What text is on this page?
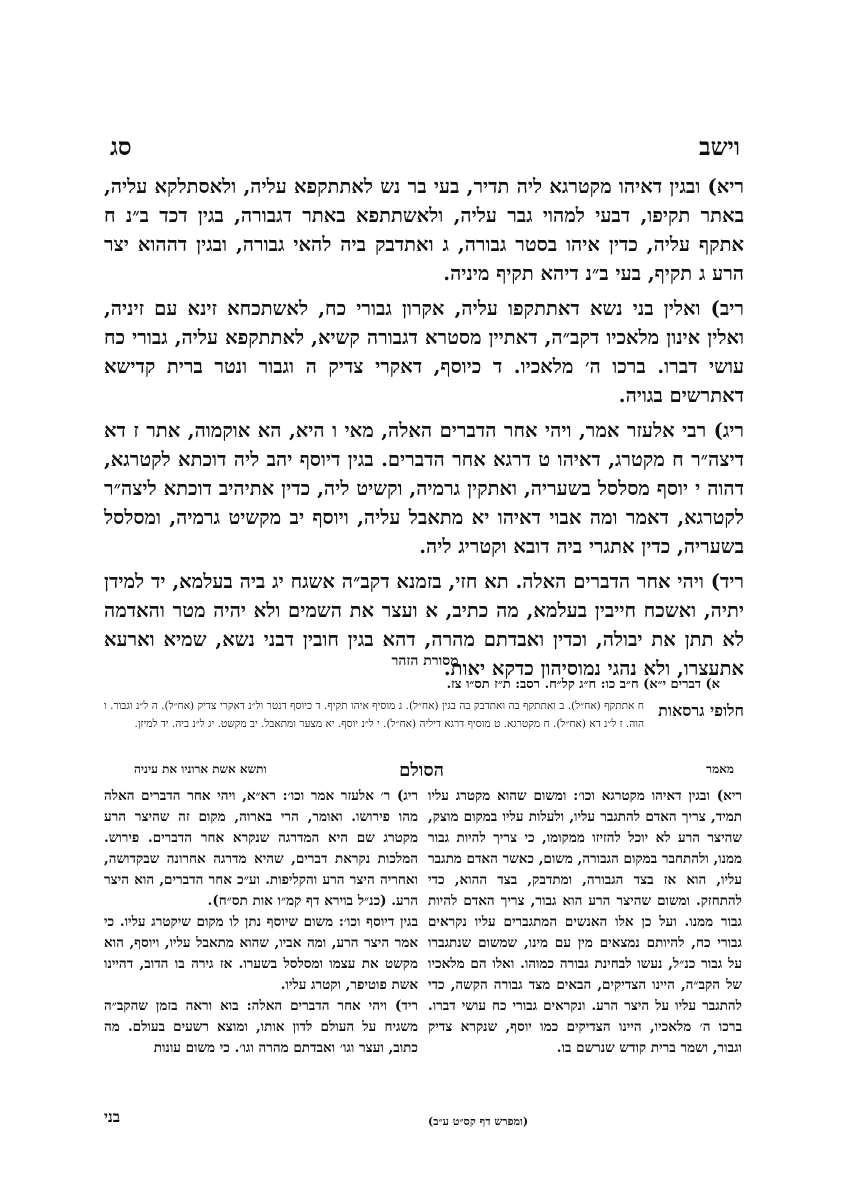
וישב
סג

ריא) ובגין דאיהו מקטרגא ליה תדיר, בעי בר נש לאתתקפא עליה, ולאסתלקא עליה, באתר תקיפו, דבעי למהוי גבר עליה, ולאשתתפא באתר דגבורה, בגין דכד ב״נ ח אתקף עליה, כדין איהו בסטר גבורה, ג ואתדבק ביה להאי גבורה, ובגין דההוא יצר הרע ג תקיף, בעי ב״נ דיהא תקיף מיניה.

ריב) ואלין בני נשא דאתתקפו עליה, אקרון גבורי כח, לאשתכחא זינא עם זיניה, ואלין אינון מלאכיו דקב״ה, דאתיין מסטרא דגבורה קשיא, לאתתקפא עליה, גבורי כח עושי דברו. ברכו ה׳ מלאכיו. ד כיוסף, דאקרי צדיק ה וגבור ונטר ברית קדישא דאתרשים בגויה.

ריג) רבי אלעזר אמר, ויהי אחר הדברים האלה, מאי ו היא, הא אוקמוה, אתר ז דא דיצה״ר ח מקטרג, דאיהו ט דרגא אחר הדברים. בגין דיוסף יהב ליה דוכתא לקטרגא, דהוה י יוסף מסלסל בשעריה, ואתקין גרמיה, וקשיט ליה, כדין אתיהיב דוכתא ליצה״ר לקטרגא, דאמר ומה אבוי דאיהו יא מתאבל עליה, ויוסף יב מקשיט גרמיה, ומסלסל בשעריה, כדין אתגרי ביה דובא וקטריג ליה.

ריד) ויהי אחר הדברים האלה. תא חזי, בזמנא דקב״ה אשגח יג ביה בעלמא, יד למידן יתיה, ואשכח חייבין בעלמא, מה כתיב, א ועצר את השמים ולא יהיה מטר והאדמה לא תתן את יבולה, וכדין ואבדתם מהרה, דהא בגין חובין דבני נשא, שמיא וארעא אתעצרו, ולא נהגי נמוסיהון כדקא יאות.

מסורת הזהר
א) דברים י״א) ח״ב כו: ח״ג קל״ח. רסב: ת״ז תס״ו צז.
חלופי גרסאות
ח אתתקף (אח״ל). ב ואתתקף בה ואתדבק בה בגין (אח״ל). ג מוסיף איהו תקיף. ד כיוסף דנטר ול״נ דאקרי צדיק (אח״ל). ה ל״נ וגבור. ו הוה. ז ל״נ דא (אח״ל). ח מקטרגא. ט מוסיף דרגא דיליה (אח״ל). י ל״נ יוסף. יא מצער ומתאבל. יב מקשט. יג ל״נ ביה. יד למיזן.
מאמר
הסולם
ותשא אשת ארוניו את עיניה

ריא) ובגין דאיהו מקטרגא וכו׳: ומשום שהוא מקטרג עליו תמיד, צריך האדם להתגבר עליו, ולעלות עליו במקום מוצק, שהיצר הרע לא יוכל להזיזו ממקומו, כי צריך להיות גבור ממנו, ולהתחבר במקום הגבורה, משום, כאשר האדם מתגבר עליו, הוא אז בצד הגבורה, ומתדבק, בצד ההוא, כדי להתחזק. ומשום שהיצר הרע הוא גבור, צריך האדם להיות גבור ממנו. ועל כן אלו האנשים המתגברים עליו נקראים גבורי כח, להיותם נמצאים מין עם מינו, שמשום שנתגברו על גבור כנ״ל, נעשו לבחינת גבורה כמוהו. ואלו הם מלאכיו של הקב״ה, היינו הצדיקים, הבאים מצד גבורה הקשה, כדי להתגבר עליו על היצר הרע. ונקראים גבורי כח עושי דברו. ברכו ה׳ מלאכיו, היינו הצדיקים כמו יוסף, שנקרא צדיק וגבור, ושמר ברית קודש שנרשם בו.

ריג) ר׳ אלעזר אמר וכו׳: רא״א, ויהי אחר הדברים האלה מהו פירושו. ואומר, הרי בארוה, מקום זה שהיצר הרע מקטרג שם היא המדרגה שנקרא אחר הדברים. פירוש. המלכות נקראת דברים, שהיא מדרגה אחרונה שבקדושה, ואחריה היצר הרע והקליפות. וע״כ אחר הדברים, הוא היצר הרע. (כנ״ל בוירא דף קמ״ו אות תס״ח).

בגין דיוסף וכו׳: משום שיוסף נתן לו מקום שיקטרג עליו. כי אמר היצר הרע, ומה אביו, שהוא מתאבל עליו, ויוסף, הוא מקשט את עצמו ומסלסל בשערו. אז גירה בו הדוב, דהיינו אשת פוטיפר, וקטרג עליו.

ריד) ויהי אחר הדברים האלה: בוא וראה בזמן שהקב״ה משגיח על העולם לדון אותו, ומוצא רשעים בעולם. מה כתוב, ועצר וגו׳ ואבדתם מהרה וגו׳. כי משום עונות

(ומפרש דף קס״ט ע״ב)
בני
